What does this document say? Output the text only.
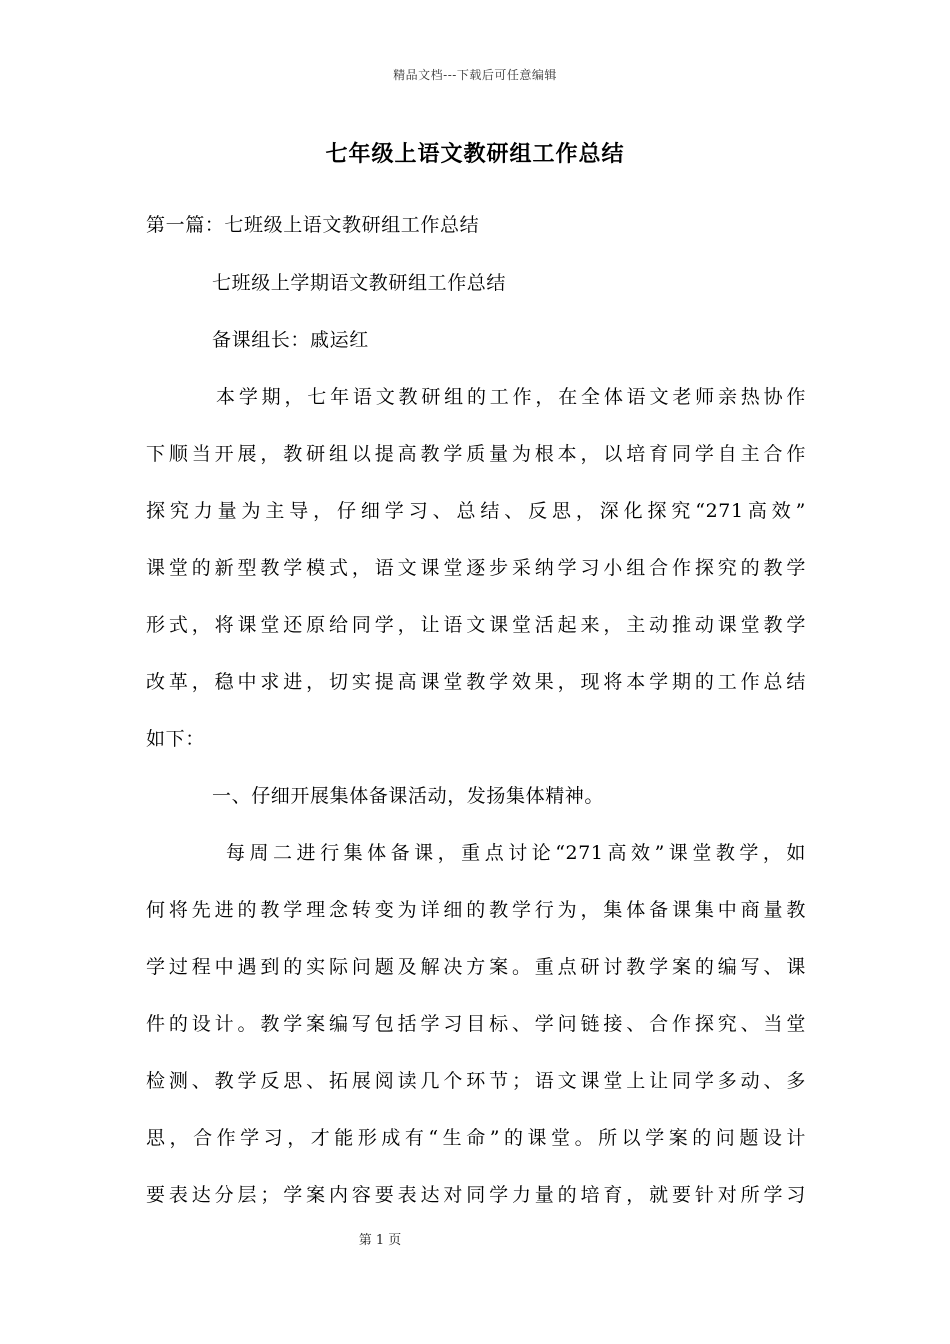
精品文档---下载后可任意编辑
七年级上语文教研组工作总结
第一篇：七班级上语文教研组工作总结
七班级上学期语文教研组工作总结
备课组长：戚运红
本学期，七年语文教研组的工作，在全体语文老师亲热协作
下顺当开展，教研组以提高教学质量为根本，以培育同学自主合作
探究力量为主导，仔细学习、总结、反思，深化探究“271高效”
课堂的新型教学模式，语文课堂逐步采纳学习小组合作探究的教学
形式，将课堂还原给同学，让语文课堂活起来，主动推动课堂教学
改革，稳中求进，切实提高课堂教学效果，现将本学期的工作总结
如下：
一、仔细开展集体备课活动，发扬集体精神。
每周二进行集体备课，重点讨论“271高效”课堂教学，如
何将先进的教学理念转变为详细的教学行为，集体备课集中商量教
学过程中遇到的实际问题及解决方案。重点研讨教学案的编写、课
件的设计。教学案编写包括学习目标、学问链接、合作探究、当堂
检测、教学反思、拓展阅读几个环节；语文课堂上让同学多动、多
思，合作学习，才能形成有“生命”的课堂。所以学案的问题设计
要表达分层；学案内容要表达对同学力量的培育，就要针对所学习
第 1 页
